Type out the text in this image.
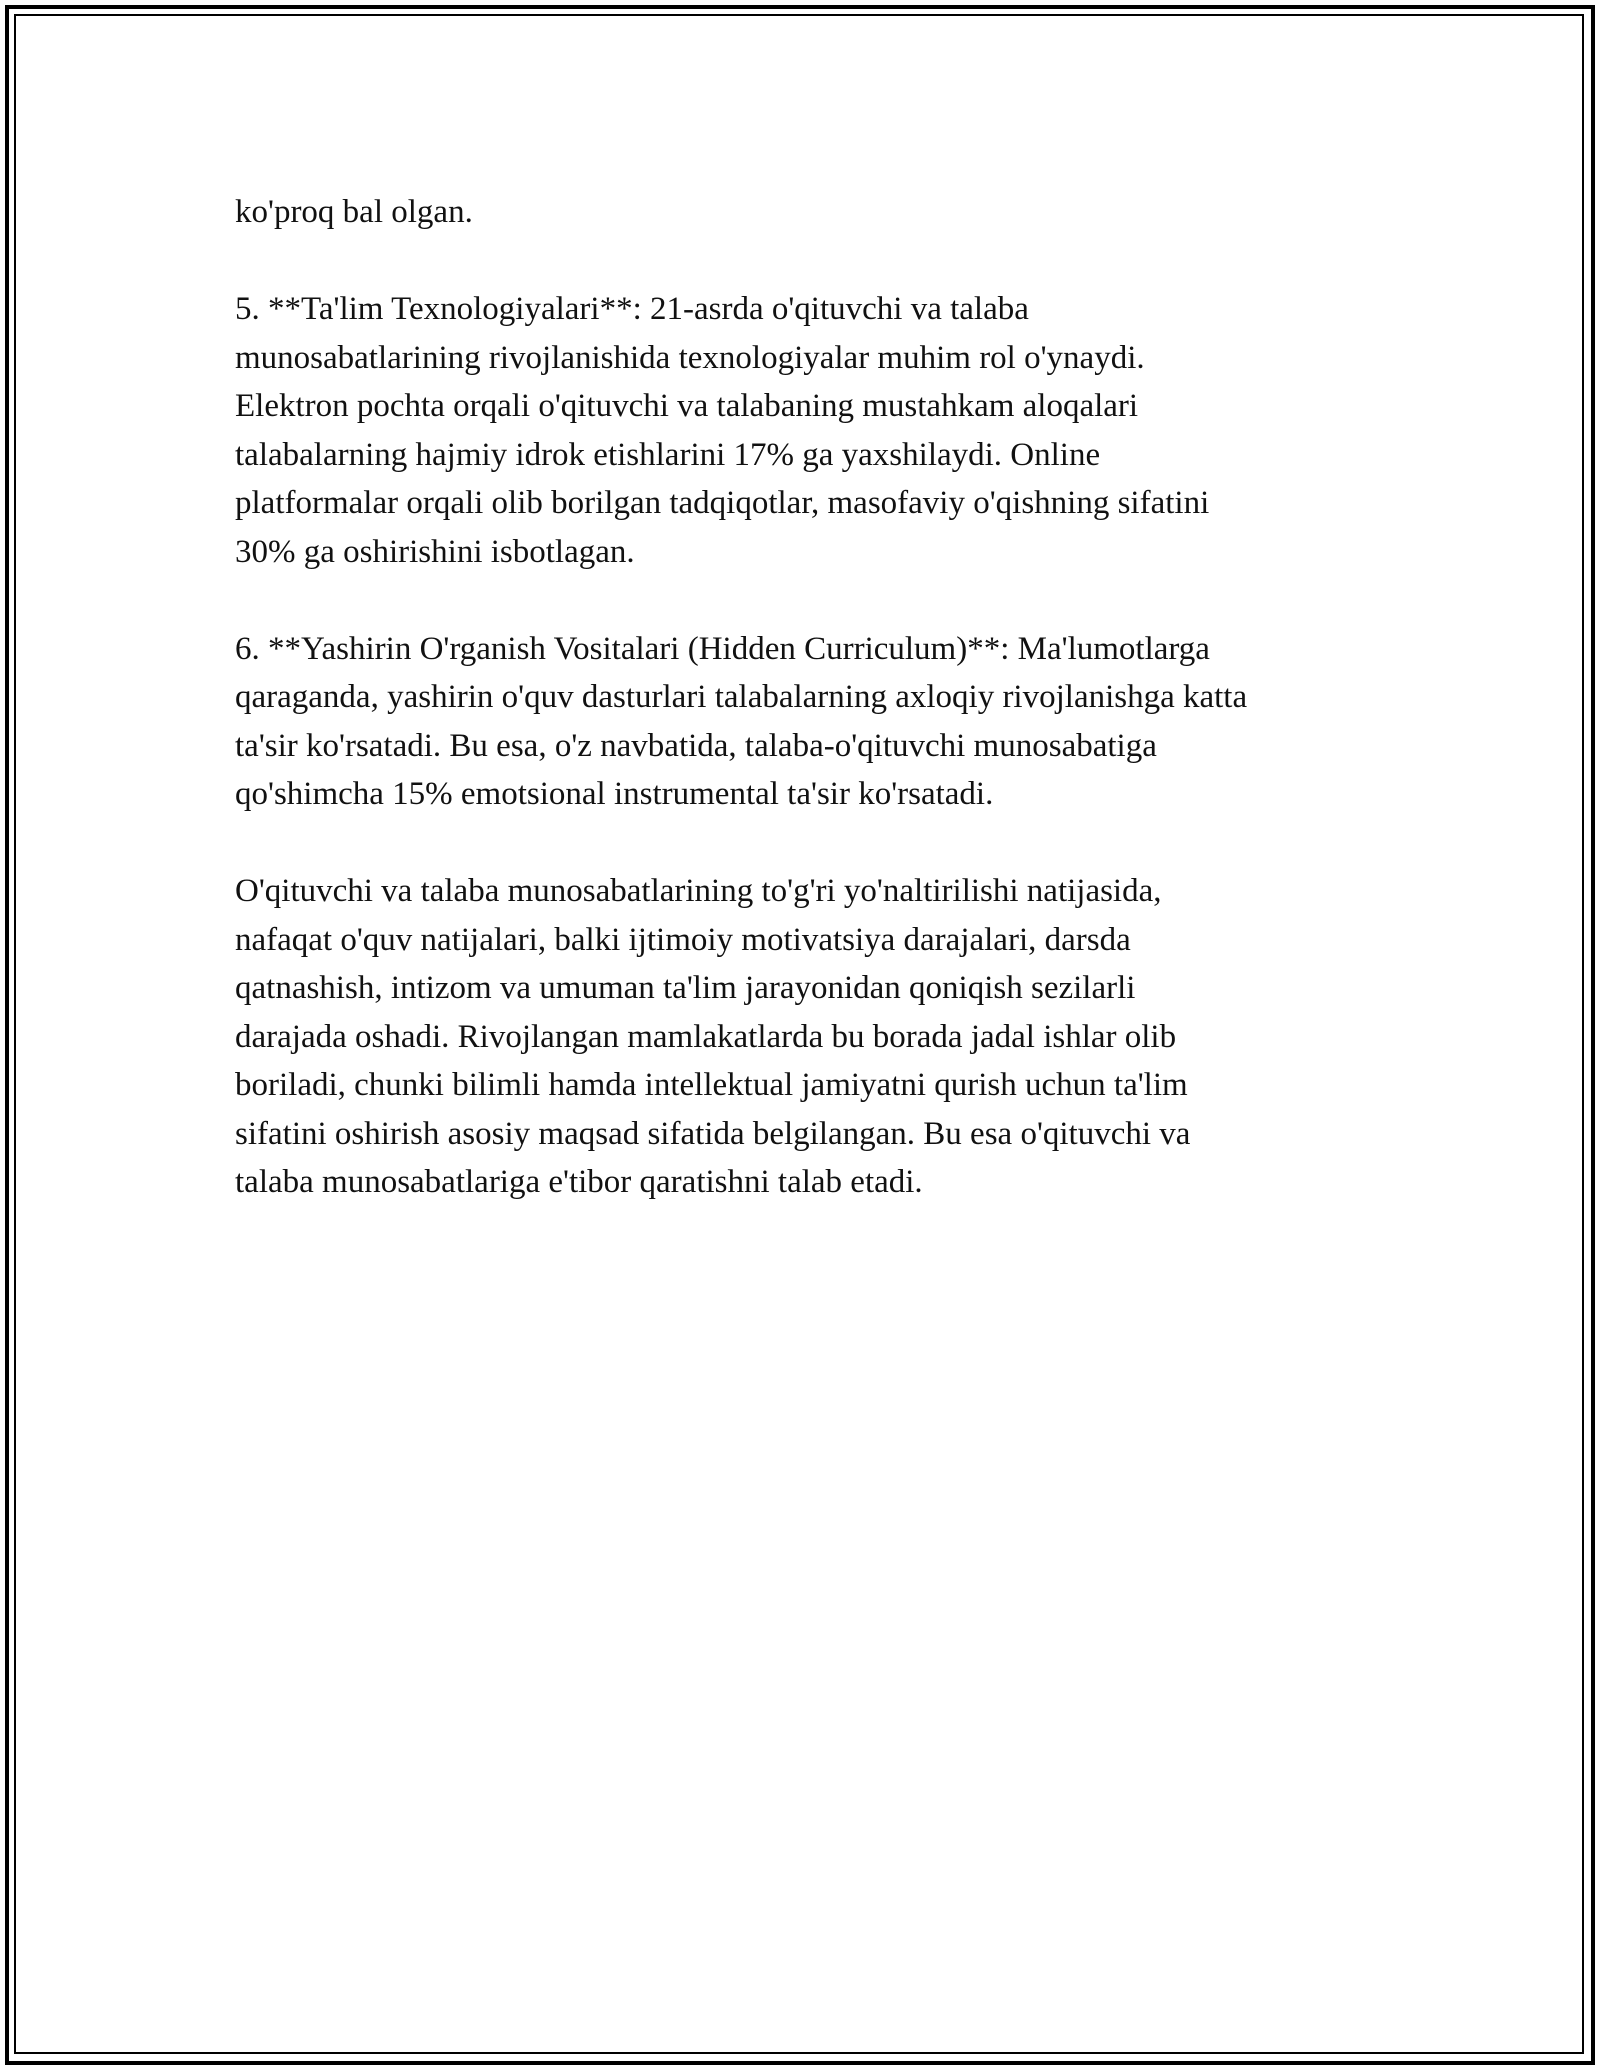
ko'proq bal olgan.

5. **Ta'lim Texnologiyalari**: 21-asrda o'qituvchi va talaba
munosabatlarining rivojlanishida texnologiyalar muhim rol o'ynaydi.
Elektron pochta orqali o'qituvchi va talabaning mustahkam aloqalari
talabalarning hajmiy idrok etishlarini 17% ga yaxshilaydi. Online
platformalar orqali olib borilgan tadqiqotlar, masofaviy o'qishning sifatini
30% ga oshirishini isbotlagan.

6. **Yashirin O'rganish Vositalari (Hidden Curriculum)**: Ma'lumotlarga
qaraganda, yashirin o'quv dasturlari talabalarning axloqiy rivojlanishga katta
ta'sir ko'rsatadi. Bu esa, o'z navbatida, talaba-o'qituvchi munosabatiga
qo'shimcha 15% emotsional instrumental ta'sir ko'rsatadi.

O'qituvchi va talaba munosabatlarining to'g'ri yo'naltirilishi natijasida,
nafaqat o'quv natijalari, balki ijtimoiy motivatsiya darajalari, darsda
qatnashish, intizom va umuman ta'lim jarayonidan qoniqish sezilarli
darajada oshadi. Rivojlangan mamlakatlarda bu borada jadal ishlar olib
boriladi, chunki bilimli hamda intellektual jamiyatni qurish uchun ta'lim
sifatini oshirish asosiy maqsad sifatida belgilangan. Bu esa o'qituvchi va
talaba munosabatlariga e'tibor qaratishni talab etadi.
